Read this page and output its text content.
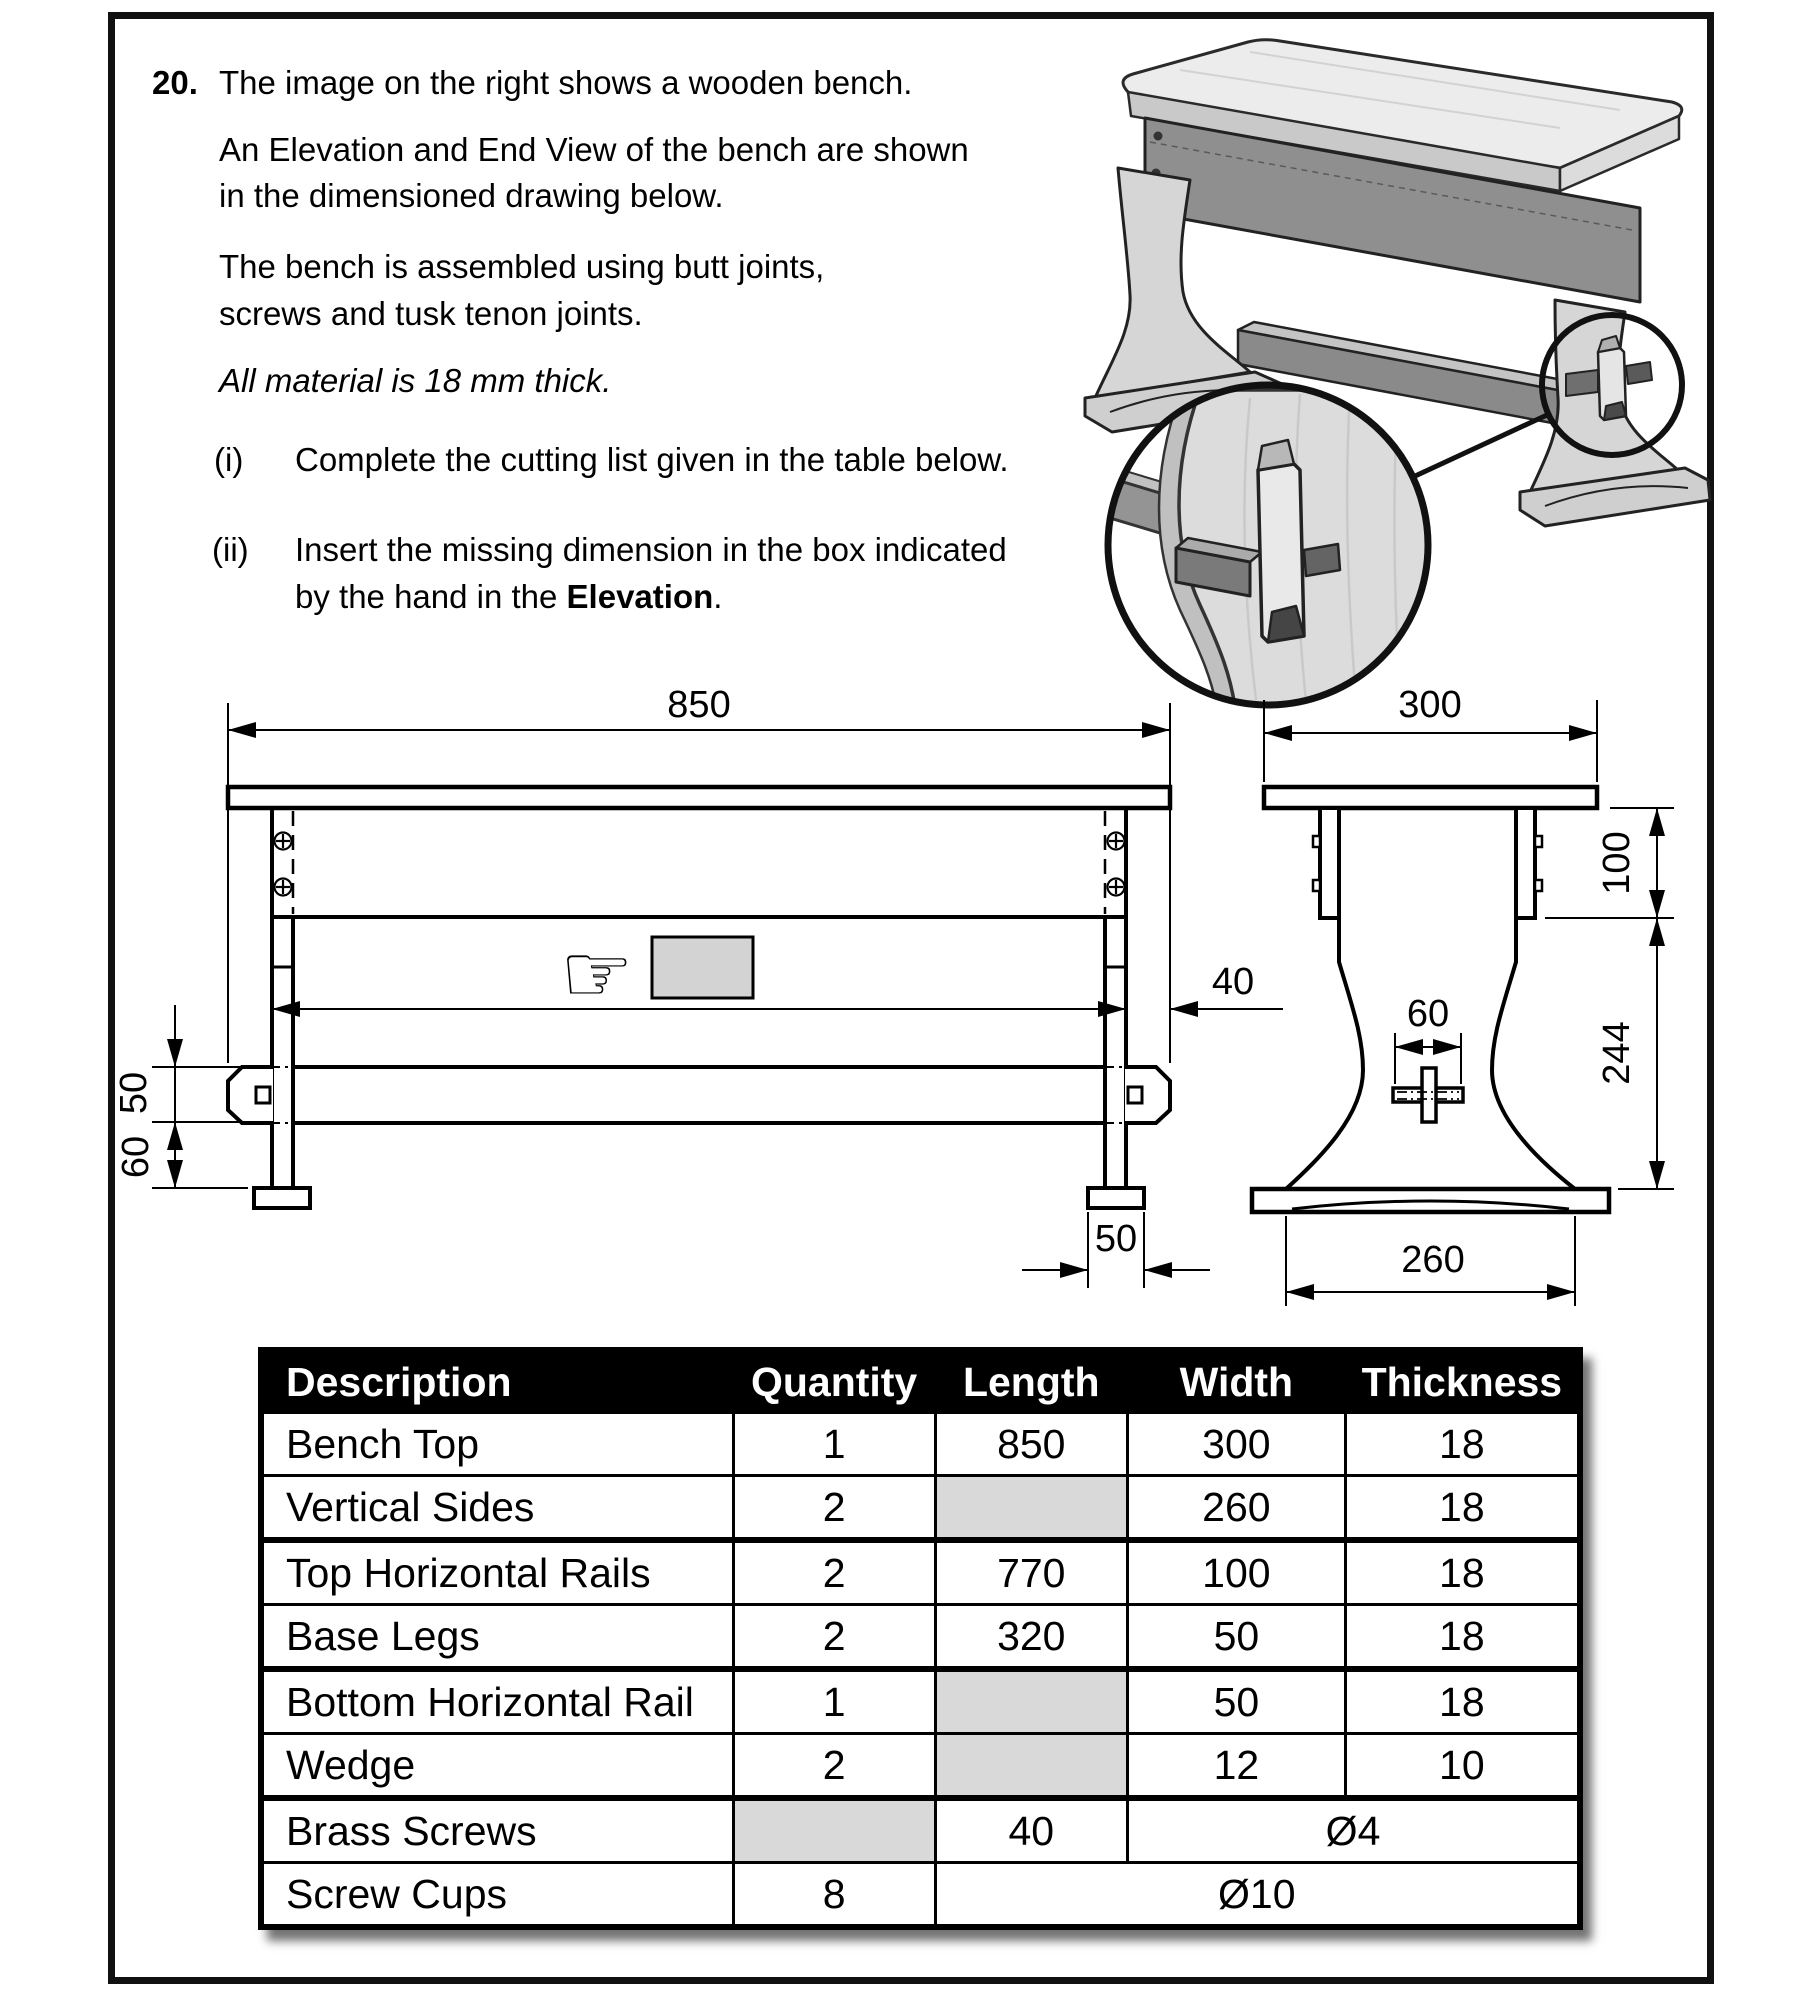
20. The image on the right shows a wooden bench.
An Elevation and End View of the bench are shown
in the dimensioned drawing below.
The bench is assembled using butt joints,
screws and tusk tenon joints.
All material is 18 mm thick.
(i) Complete the cutting list given in the table below.
(ii) Insert the missing dimension in the box indicated
by the hand in the Elevation.
850	300
40
60
50
60
50
100
244
260
☞
Description	Quantity	Length	Width	Thickness
Bench Top	1	850	300	18
Vertical Sides	2		260	18
Top Horizontal Rails	2	770	100	18
Base Legs	2	320	50	18
Bottom Horizontal Rail	1		50	18
Wedge	2		12	10
Brass Screws		40	Ø4	
Screw Cups	8	Ø10		
